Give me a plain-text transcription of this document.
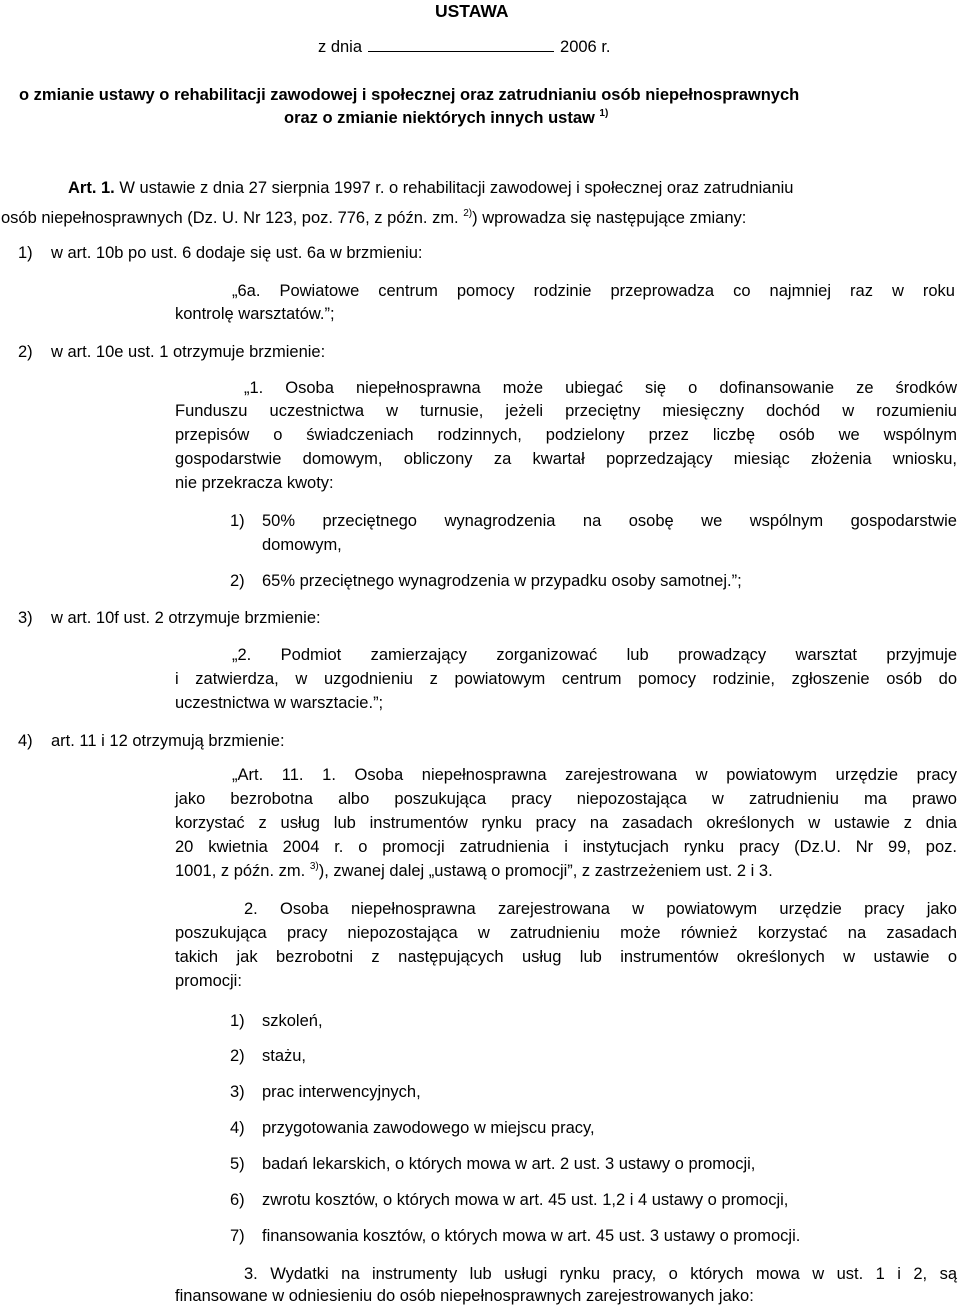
USTAWA
z dnia	2006 r.
o zmianie ustawy o rehabilitacji zawodowej i społecznej oraz zatrudnianiu osób niepełnosprawnych
oraz o zmianie niektórych innych ustaw $^{1)}$
Art. 1. W ustawie z dnia 27 sierpnia 1997 r. o rehabilitacji zawodowej i społecznej oraz zatrudnianiu
osób niepełnosprawnych (Dz. U. Nr 123, poz. 776, z późn. zm. $^{2)}$) wprowadza się następujące zmiany:
1) w art. 10b po ust. 6 dodaje się ust. 6a w brzmieniu:
„6a. Powiatowe centrum pomocy rodzinie przeprowadza co najmniej raz w roku
kontrolę warsztatów.”;
2) w art. 10e ust. 1 otrzymuje brzmienie:
„1. Osoba niepełnosprawna może ubiegać się o dofinansowanie ze środków
Funduszu uczestnictwa w turnusie, jeżeli przeciętny miesięczny dochód w rozumieniu
przepisów o świadczeniach rodzinnych, podzielony przez liczbę osób we wspólnym
gospodarstwie domowym, obliczony za kwartał poprzedzający miesiąc złożenia wniosku,
nie przekracza kwoty:
1) 50% przeciętnego wynagrodzenia na osobę we wspólnym gospodarstwie
domowym,
2) 65% przeciętnego wynagrodzenia w przypadku osoby samotnej.”;
3) w art. 10f ust. 2 otrzymuje brzmienie:
„2. Podmiot zamierzający zorganizować lub prowadzący warsztat przyjmuje
i zatwierdza, w uzgodnieniu z powiatowym centrum pomocy rodzinie, zgłoszenie osób do
uczestnictwa w warsztacie.”;
4) art. 11 i 12 otrzymują brzmienie:
„Art. 11. 1. Osoba niepełnosprawna zarejestrowana w powiatowym urzędzie pracy
jako bezrobotna albo poszukująca pracy niepozostająca w zatrudnieniu ma prawo
korzystać z usług lub instrumentów rynku pracy na zasadach określonych w ustawie z dnia
20 kwietnia 2004 r. o promocji zatrudnienia i instytucjach rynku pracy (Dz.U. Nr 99, poz.
1001, z późn. zm. $^{3)}$), zwanej dalej „ustawą o promocji”, z zastrzeżeniem ust. 2 i 3.
2. Osoba niepełnosprawna zarejestrowana w powiatowym urzędzie pracy jako
poszukująca pracy niepozostająca w zatrudnieniu może również korzystać na zasadach
takich jak bezrobotni z następujących usług lub instrumentów określonych w ustawie o
promocji:
1) szkoleń,
2) stażu,
3) prac interwencyjnych,
4) przygotowania zawodowego w miejscu pracy,
5) badań lekarskich, o których mowa w art. 2 ust. 3 ustawy o promocji,
6) zwrotu kosztów, o których mowa w art. 45 ust. 1,2 i 4 ustawy o promocji,
7) finansowania kosztów, o których mowa w art. 45 ust. 3 ustawy o promocji.
3. Wydatki na instrumenty lub usługi rynku pracy, o których mowa w ust. 1 i 2, są
finansowane w odniesieniu do osób niepełnosprawnych zarejestrowanych jako:
